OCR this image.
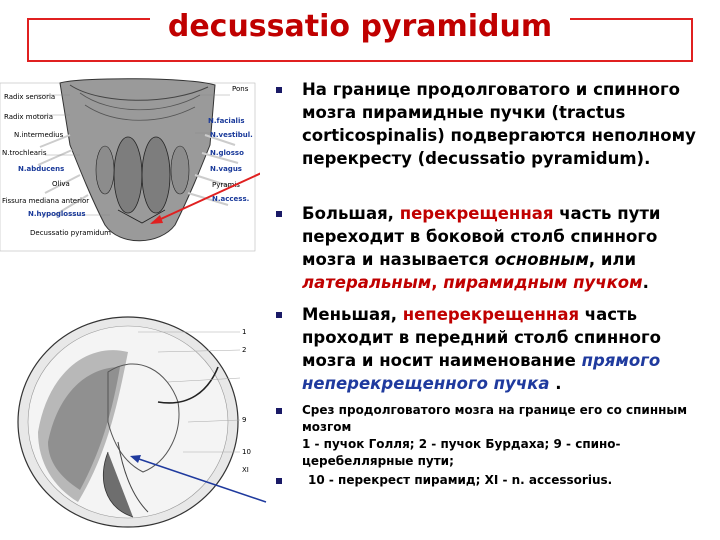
decussatio pyramidum
Radix sensoria
Radix motoria
N.intermedius
N.trochlearis
N.abducens
Oliva
Fissura mediana anterior
N.hypoglossus
Decussatio pyramidum
Pons
N.facialis
N.vestibul.
N.glosso
N.vagus
Pyramis
N.access.
1
2
9
10
XI
На границе продолговатого и спинного мозга пирамидные пучки (tractus corticospinalis) подвергаются неполному перекресту (decussatio pyramidum).
Большая, перекрещенная часть пути переходит в боковой столб спинного мозга и называется основным, или латеральным, пирамидным пучком.
Меньшая, неперекрещенная часть проходит в передний столб спинного мозга и носит наименование прямого неперекрещенного пучка .
Срез продолговатого мозга на границе его со спинным мозгом
1 - пучок Голля; 2 - пучок Бурдаха; 9 - спино-церебеллярные пути;
10 - перекрест пирамид; XI - n. accessorius.
